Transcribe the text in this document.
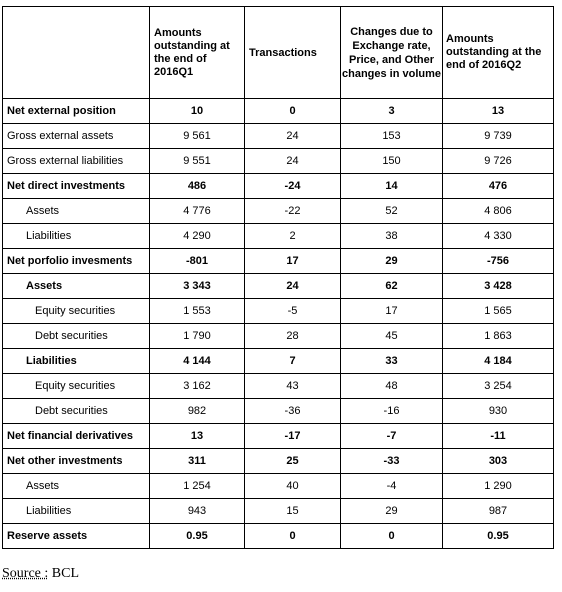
	Amounts outstanding at the end of 2016Q1	Transactions	Changes due to Exchange rate, Price, and Other changes in volume	Amounts outstanding at the end of 2016Q2
Net external position	10	0	3	13
Gross external assets	9 561	24	153	9 739
Gross external liabilities	9 551	24	150	9 726
Net direct investments	486	-24	14	476
Assets	4 776	-22	52	4 806
Liabilities	4 290	2	38	4 330
Net porfolio invesments	-801	17	29	-756
Assets	3 343	24	62	3 428
Equity securities	1 553	-5	17	1 565
Debt securities	1 790	28	45	1 863
Liabilities	4 144	7	33	4 184
Equity securities	3 162	43	48	3 254
Debt securities	982	-36	-16	930
Net financial derivatives	13	-17	-7	-11
Net other investments	311	25	-33	303
Assets	1 254	40	-4	1 290
Liabilities	943	15	29	987
Reserve assets	0.95	0	0	0.95
Source : BCL
